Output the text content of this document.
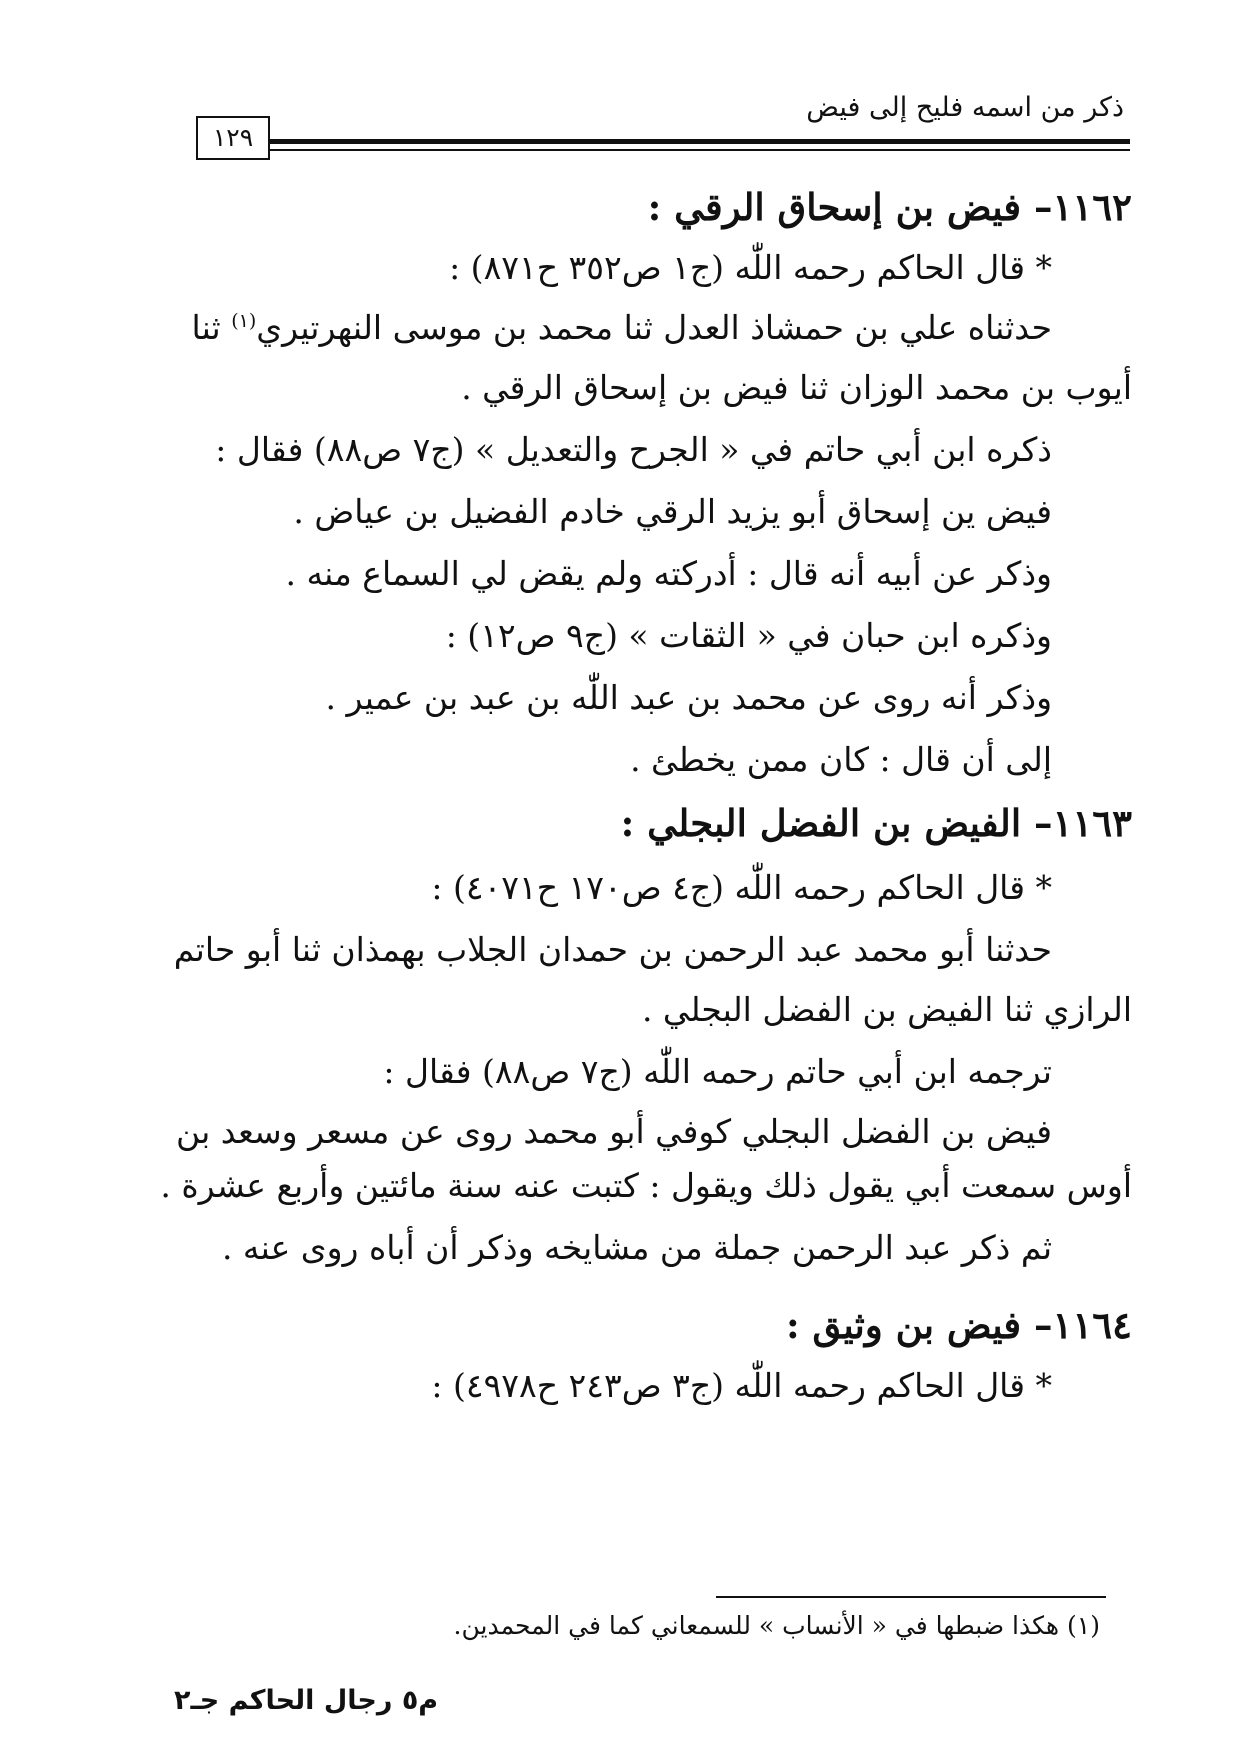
ذكر من اسمه فليح إلى فيض
١٢٩
١١٦٢– فيض بن إسحاق الرقي :
* قال الحاكم رحمه اللّٰه (ج١ ص٣٥٢ ح٨٧١) :
حدثناه علي بن حمشاذ العدل ثنا محمد بن موسى النهرتيري$^{(١)}$ ثنا
أيوب بن محمد الوزان ثنا فيض بن إسحاق الرقي .
ذكره ابن أبي حاتم في « الجرح والتعديل » (ج٧ ص٨٨) فقال :
فيض ين إسحاق أبو يزيد الرقي خادم الفضيل بن عياض .
وذكر عن أبيه أنه قال : أدركته ولم يقض لي السماع منه .
وذكره ابن حبان في « الثقات » (ج٩ ص١٢) :
وذكر أنه روى عن محمد بن عبد اللّٰه بن عبد بن عمير .
إلى أن قال : كان ممن يخطئ .
١١٦٣– الفيض بن الفضل البجلي :
* قال الحاكم رحمه اللّٰه (ج٤ ص١٧٠ ح٤٠٧١) :
حدثنا أبو محمد عبد الرحمن بن حمدان الجلاب بهمذان ثنا أبو حاتم
الرازي ثنا الفيض بن الفضل البجلي .
ترجمه ابن أبي حاتم رحمه اللّٰه (ج٧ ص٨٨) فقال :
فيض بن الفضل البجلي كوفي أبو محمد روى عن مسعر وسعد بن
أوس سمعت أبي يقول ذلك ويقول : كتبت عنه سنة مائتين وأربع عشرة .
ثم ذكر عبد الرحمن جملة من مشايخه وذكر أن أباه روى عنه .
١١٦٤– فيض بن وثيق :
* قال الحاكم رحمه اللّٰه (ج٣ ص٢٤٣ ح٤٩٧٨) :
(١) هكذا ضبطها في « الأنساب » للسمعاني كما في المحمدين.
م٥ رجال الحاكم جـ٢
